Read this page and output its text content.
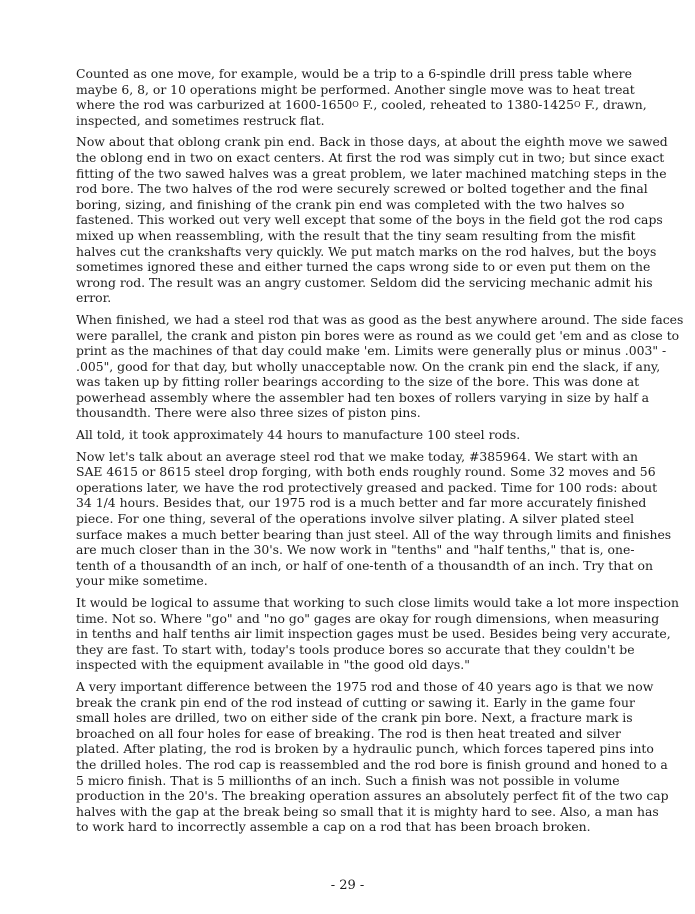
Counted as one move, for example, would be a trip to a 6-spindle drill press table where
maybe 6, 8, or 10 operations might be performed. Another single move was to heat treat
where the rod was carburized at $1600-1650^O$ F., cooled, reheated to $1380-1425^O$ F., drawn,
inspected, and sometimes restruck flat.
Now about that oblong crank pin end. Back in those days, at about the eighth move we sawed
the oblong end in two on exact centers. At first the rod was simply cut in two; but since exact
fitting of the two sawed halves was a great problem, we later machined matching steps in the
rod bore. The two halves of the rod were securely screwed or bolted together and the final
boring, sizing, and finishing of the crank pin end was completed with the two halves so
fastened. This worked out very well except that some of the boys in the field got the rod caps
mixed up when reassembling, with the result that the tiny seam resulting from the misfit
halves cut the crankshafts very quickly. We put match marks on the rod halves, but the boys
sometimes ignored these and either turned the caps wrong side to or even put them on the
wrong rod. The result was an angry customer. Seldom did the servicing mechanic admit his
error.
When finished, we had a steel rod that was as good as the best anywhere around. The side faces
were parallel, the crank and piston pin bores were as round as we could get 'em and as close to
print as the machines of that day could make 'em. Limits were generally plus or minus .003" -
.005", good for that day, but wholly unacceptable now. On the crank pin end the slack, if any,
was taken up by fitting roller bearings according to the size of the bore. This was done at
powerhead assembly where the assembler had ten boxes of rollers varying in size by half a
thousandth. There were also three sizes of piston pins.
All told, it took approximately 44 hours to manufacture 100 steel rods.
Now let's talk about an average steel rod that we make today, #385964. We start with an
SAE 4615 or 8615 steel drop forging, with both ends roughly round. Some 32 moves and 56
operations later, we have the rod protectively greased and packed. Time for 100 rods: about
34 1/4 hours. Besides that, our 1975 rod is a much better and far more accurately finished
piece. For one thing, several of the operations involve silver plating. A silver plated steel
surface makes a much better bearing than just steel. All of the way through limits and finishes
are much closer than in the 30's. We now work in "tenths" and "half tenths," that is, one-
tenth of a thousandth of an inch, or half of one-tenth of a thousandth of an inch. Try that on
your mike sometime.
It would be logical to assume that working to such close limits would take a lot more inspection
time. Not so. Where "go" and "no go" gages are okay for rough dimensions, when measuring
in tenths and half tenths air limit inspection gages must be used. Besides being very accurate,
they are fast. To start with, today's tools produce bores so accurate that they couldn't be
inspected with the equipment available in "the good old days."
A very important difference between the 1975 rod and those of 40 years ago is that we now
break the crank pin end of the rod instead of cutting or sawing it. Early in the game four
small holes are drilled, two on either side of the crank pin bore. Next, a fracture mark is
broached on all four holes for ease of breaking. The rod is then heat treated and silver
plated. After plating, the rod is broken by a hydraulic punch, which forces tapered pins into
the drilled holes. The rod cap is reassembled and the rod bore is finish ground and honed to a
5 micro finish. That is 5 millionths of an inch. Such a finish was not possible in volume
production in the 20's. The breaking operation assures an absolutely perfect fit of the two cap
halves with the gap at the break being so small that it is mighty hard to see. Also, a man has
to work hard to incorrectly assemble a cap on a rod that has been broach broken.
- 29 -
